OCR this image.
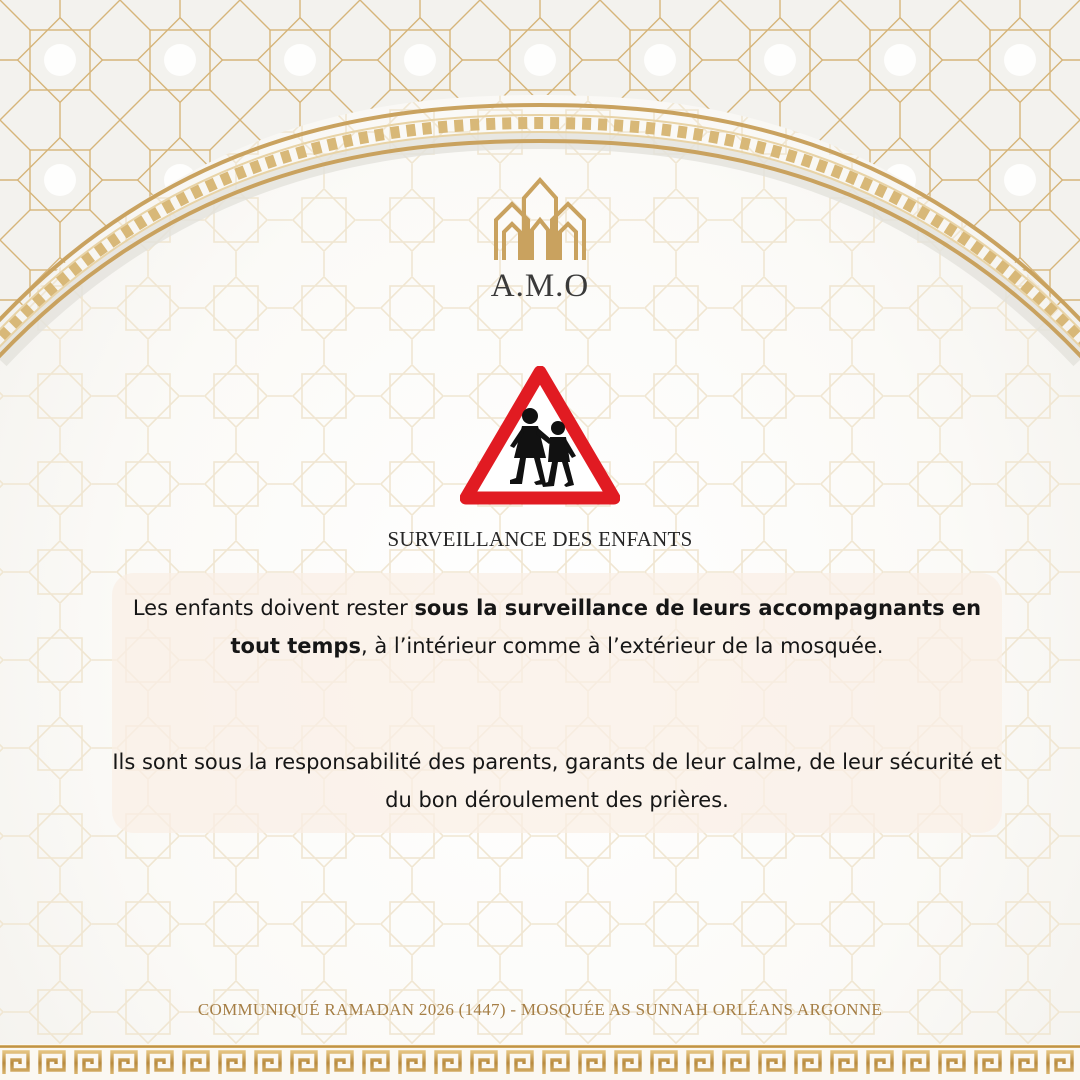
A.M.O
SURVEILLANCE DES ENFANTS
Les enfants doivent rester sous la surveillance de leurs accompagnants en tout temps, à l’intérieur comme à l’extérieur de la mosquée.
Ils sont sous la responsabilité des parents, garants de leur calme, de leur sécurité et du bon déroulement des prières.
COMMUNIQUÉ RAMADAN 2026 (1447) - MOSQUÉE AS SUNNAH ORLÉANS ARGONNE
